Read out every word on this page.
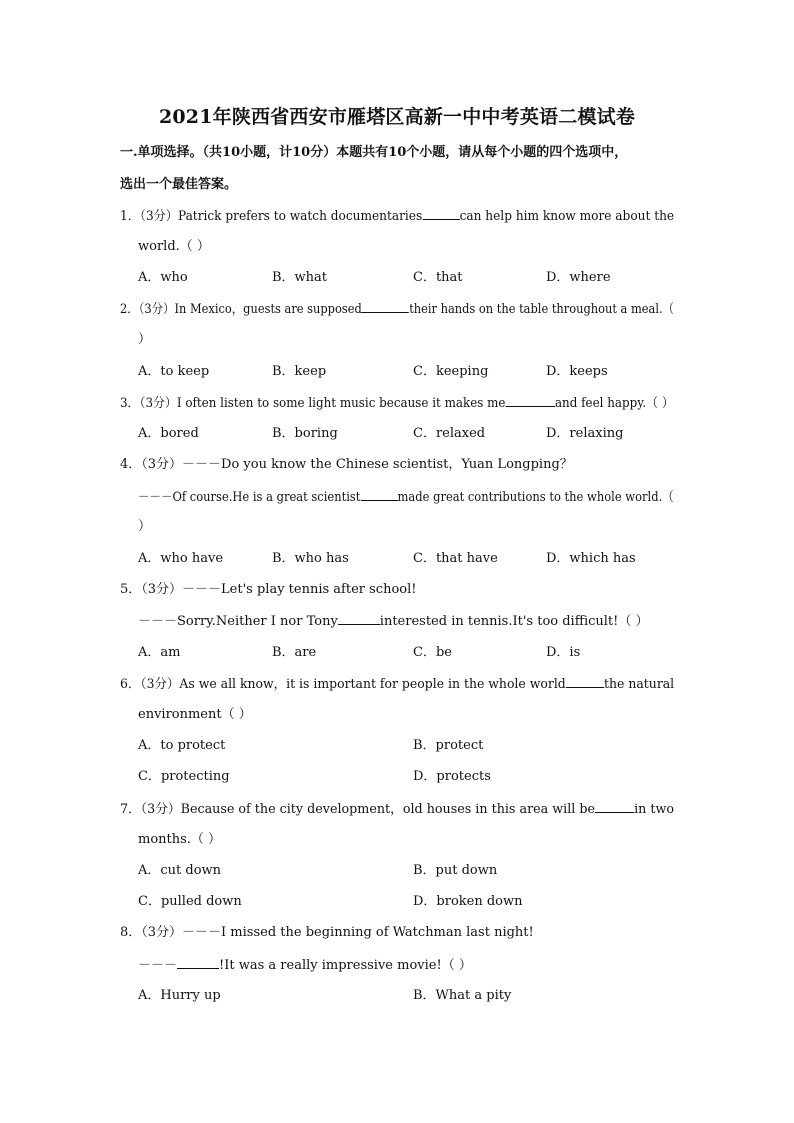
2021年陕西省西安市雁塔区高新一中中考英语二模试卷
一.单项选择。（共10小题，计10分）本题共有10个小题，请从每个小题的四个选项中，
选出一个最佳答案。
1．（3分）Patrick prefers to watch documentaries	can help him know more about the
world.（ ）
A．who	B．what	C．that	D．where
2．（3分）In Mexico，guests are supposed	their hands on the table throughout a meal.（
）
A．to keep	B．keep	C．keeping	D．keeps
3．（3分）I often listen to some light music because it makes me	and feel happy.（ ）
A．bored	B．boring	C．relaxed	D．relaxing
4．（3分）－－－Do you know the Chinese scientist，Yuan Longping？
－－－Of course.He is a great scientist	made great contributions to the whole world.（
）
A．who have	B．who has	C．that have	D．which has
5．（3分）－－－Let's play tennis after school!
－－－Sorry.Neither I nor Tony	interested in tennis.It's too difficult!（ ）
A．am	B．are	C．be	D．is
6．（3分）As we all know，it is important for people in the whole world	the natural
environment（ ）
A．to protect	B．protect
C．protecting	D．protects
7．（3分）Because of the city development，old houses in this area will be	in two
months.（ ）
A．cut down	B．put down
C．pulled down	D．broken down
8．（3分）－－－I missed the beginning of Watchman last night!
－－－	!It was a really impressive movie!（ ）
A．Hurry up	B．What a pity
